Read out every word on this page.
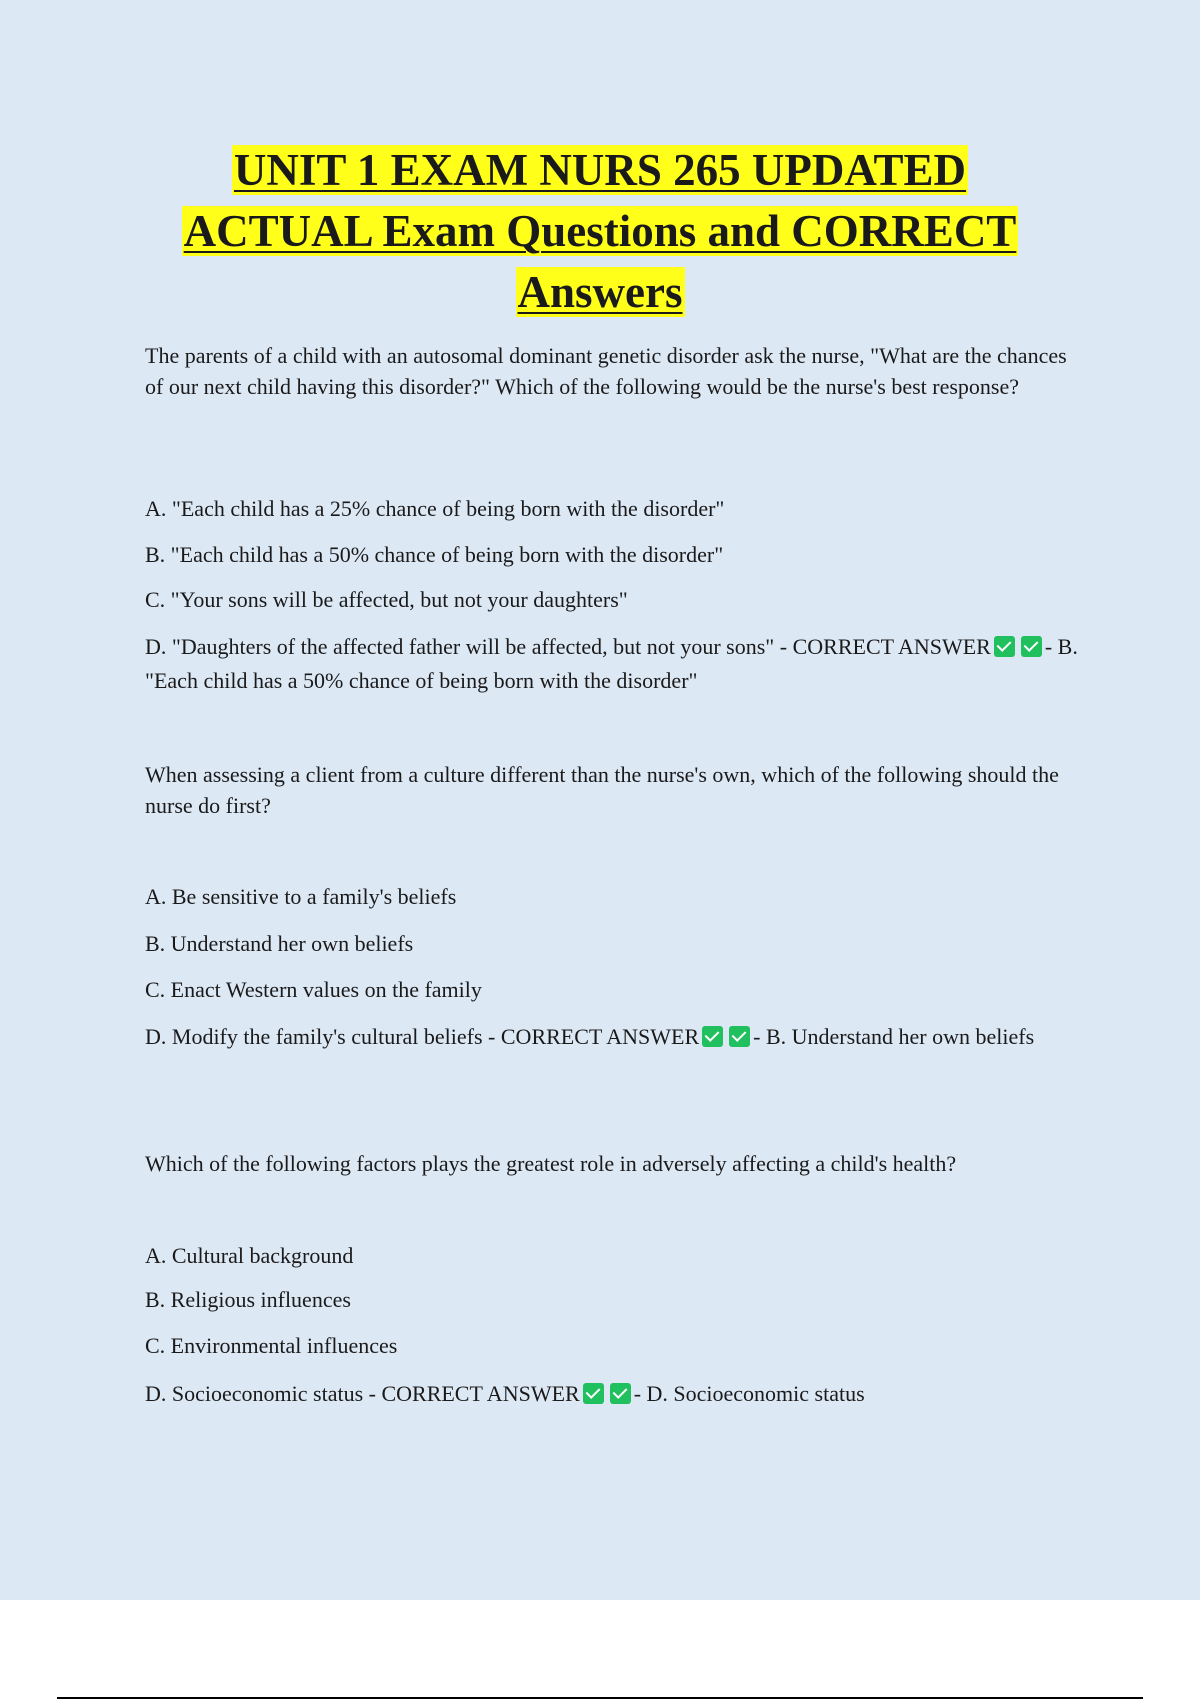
UNIT 1 EXAM NURS 265 UPDATED
ACTUAL Exam Questions and CORRECT
Answers

The parents of a child with an autosomal dominant genetic disorder ask the nurse, "What are the chances of our next child having this disorder?" Which of the following would be the nurse's best response?

A. "Each child has a 25% chance of being born with the disorder"

B. "Each child has a 50% chance of being born with the disorder"

C. "Your sons will be affected, but not your daughters"

D. "Daughters of the affected father will be affected, but not your sons" - CORRECT ANSWER - B. "Each child has a 50% chance of being born with the disorder"

When assessing a client from a culture different than the nurse's own, which of the following should the nurse do first?

A. Be sensitive to a family's beliefs

B. Understand her own beliefs

C. Enact Western values on the family

D. Modify the family's cultural beliefs - CORRECT ANSWER - B. Understand her own beliefs

Which of the following factors plays the greatest role in adversely affecting a child's health?

A. Cultural background

B. Religious influences

C. Environmental influences

D. Socioeconomic status - CORRECT ANSWER - D. Socioeconomic status
